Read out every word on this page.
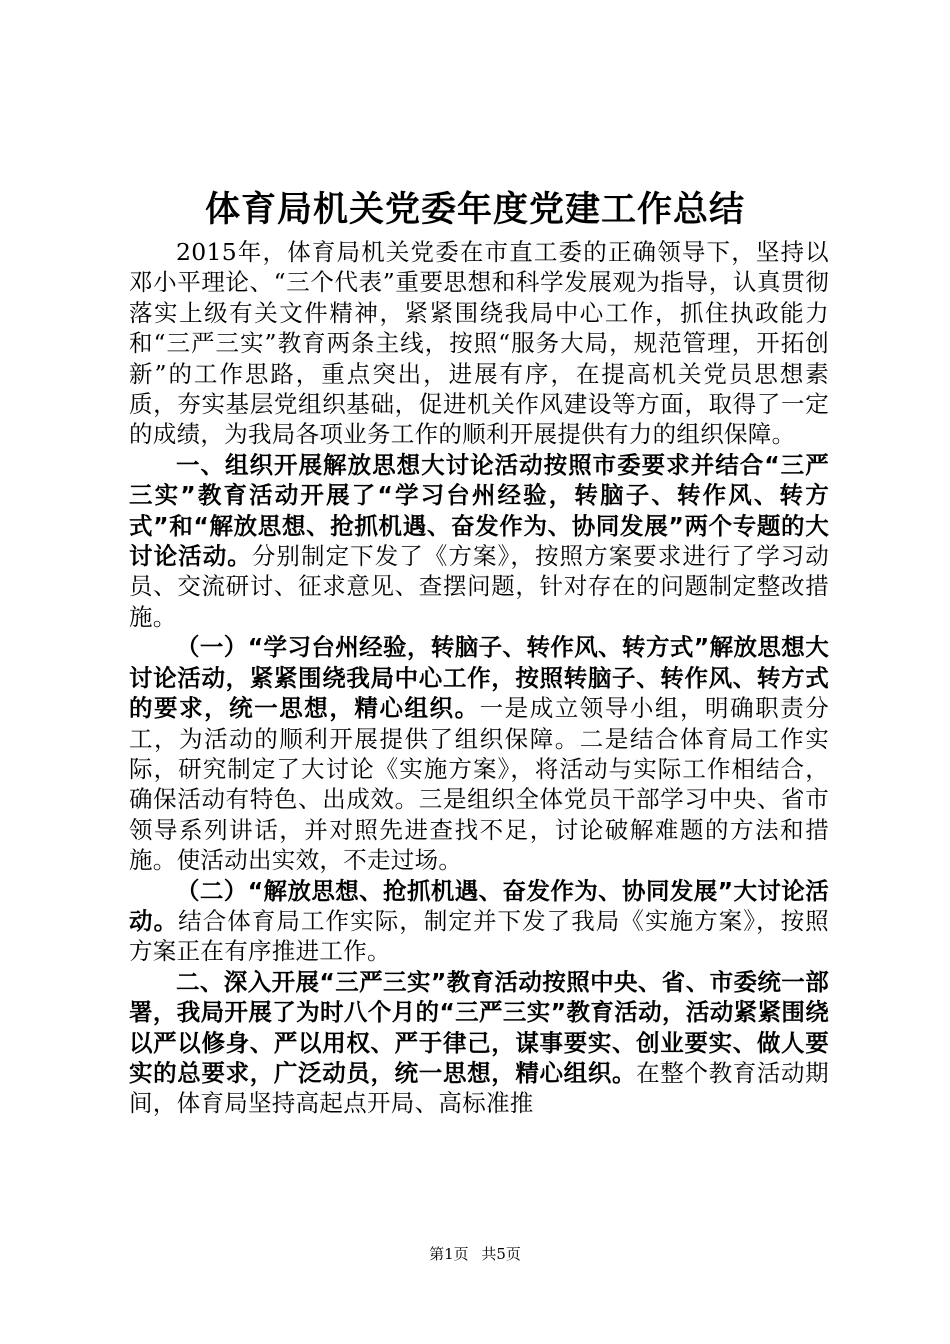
体育局机关党委年度党建工作总结

2015年，体育局机关党委在市直工委的正确领导下，坚持以邓小平理论、“三个代表”重要思想和科学发展观为指导，认真贯彻落实上级有关文件精神，紧紧围绕我局中心工作，抓住执政能力和“三严三实”教育两条主线，按照“服务大局，规范管理，开拓创新”的工作思路，重点突出，进展有序，在提高机关党员思想素质，夯实基层党组织基础，促进机关作风建设等方面，取得了一定的成绩，为我局各项业务工作的顺利开展提供有力的组织保障。

一、组织开展解放思想大讨论活动按照市委要求并结合“三严三实”教育活动开展了“学习台州经验，转脑子、转作风、转方式”和“解放思想、抢抓机遇、奋发作为、协同发展”两个专题的大讨论活动。分别制定下发了《方案》，按照方案要求进行了学习动员、交流研讨、征求意见、查摆问题，针对存在的问题制定整改措施。

（一）“学习台州经验，转脑子、转作风、转方式”解放思想大讨论活动，紧紧围绕我局中心工作，按照转脑子、转作风、转方式的要求，统一思想，精心组织。一是成立领导小组，明确职责分工，为活动的顺利开展提供了组织保障。二是结合体育局工作实际，研究制定了大讨论《实施方案》，将活动与实际工作相结合，确保活动有特色、出成效。三是组织全体党员干部学习中央、省市领导系列讲话，并对照先进查找不足，讨论破解难题的方法和措施。使活动出实效，不走过场。

（二）“解放思想、抢抓机遇、奋发作为、协同发展”大讨论活动。结合体育局工作实际，制定并下发了我局《实施方案》，按照方案正在有序推进工作。

二、深入开展“三严三实”教育活动按照中央、省、市委统一部署，我局开展了为时八个月的“三严三实”教育活动，活动紧紧围绕以严以修身、严以用权、严于律己，谋事要实、创业要实、做人要实的总要求，广泛动员，统一思想，精心组织。在整个教育活动期间，体育局坚持高起点开局、高标准推

第1页 共5页
